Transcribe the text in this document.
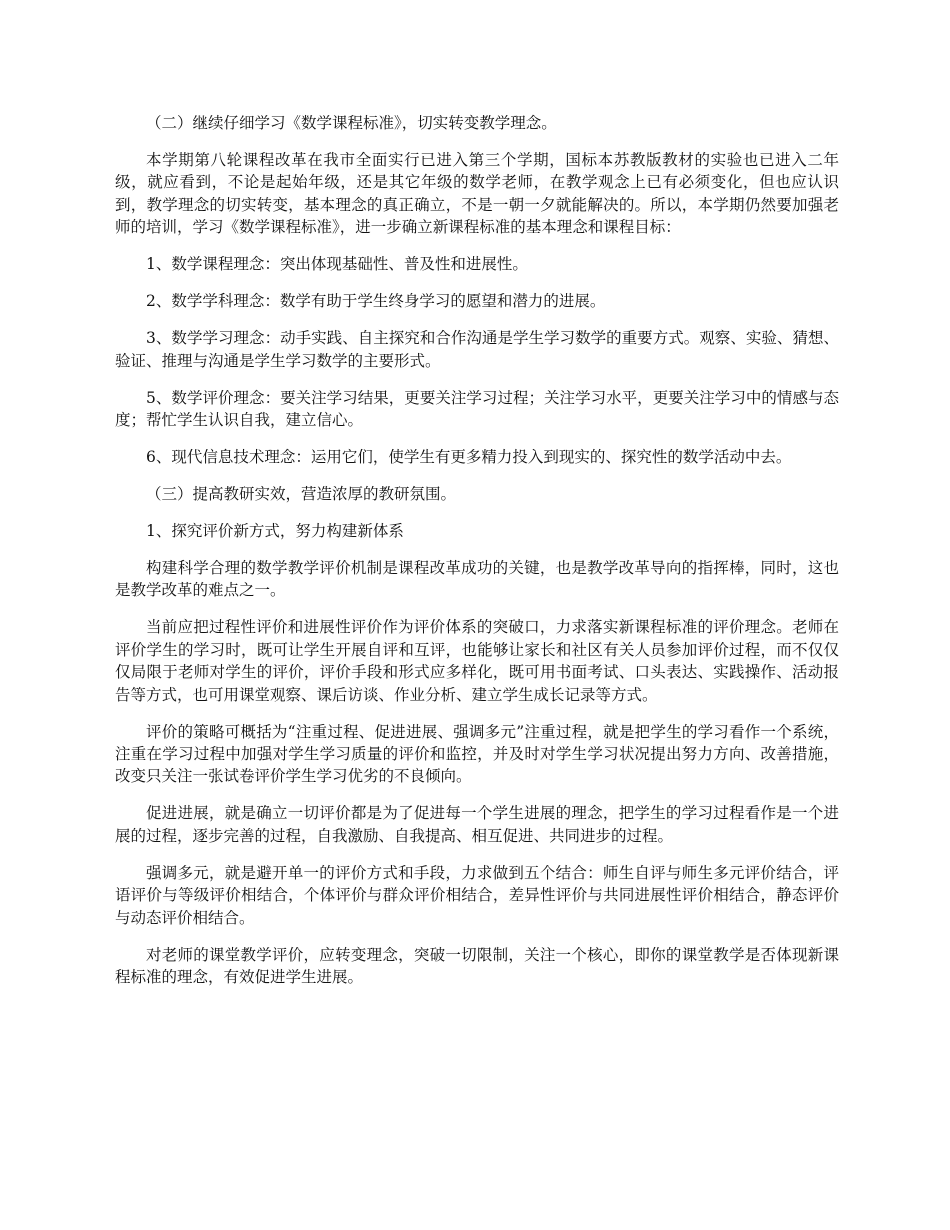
（二）继续仔细学习《数学课程标准》，切实转变教学理念。

本学期第八轮课程改革在我市全面实行已进入第三个学期，国标本苏教版教材的实验也已进入二年级，就应看到，不论是起始年级，还是其它年级的数学老师，在教学观念上已有必须变化，但也应认识到，教学理念的切实转变，基本理念的真正确立，不是一朝一夕就能解决的。所以，本学期仍然要加强老师的培训，学习《数学课程标准》，进一步确立新课程标准的基本理念和课程目标：

1、数学课程理念：突出体现基础性、普及性和进展性。

2、数学学科理念：数学有助于学生终身学习的愿望和潜力的进展。

3、数学学习理念：动手实践、自主探究和合作沟通是学生学习数学的重要方式。观察、实验、猜想、验证、推理与沟通是学生学习数学的主要形式。

5、数学评价理念：要关注学习结果，更要关注学习过程；关注学习水平，更要关注学习中的情感与态度；帮忙学生认识自我，建立信心。

6、现代信息技术理念：运用它们，使学生有更多精力投入到现实的、探究性的数学活动中去。

（三）提高教研实效，营造浓厚的教研氛围。

1、探究评价新方式，努力构建新体系

构建科学合理的数学教学评价机制是课程改革成功的关键，也是教学改革导向的指挥棒，同时，这也是教学改革的难点之一。

当前应把过程性评价和进展性评价作为评价体系的突破口，力求落实新课程标准的评价理念。老师在评价学生的学习时，既可让学生开展自评和互评，也能够让家长和社区有关人员参加评价过程，而不仅仅仅局限于老师对学生的评价，评价手段和形式应多样化，既可用书面考试、口头表达、实践操作、活动报告等方式，也可用课堂观察、课后访谈、作业分析、建立学生成长记录等方式。

评价的策略可概括为“注重过程、促进进展、强调多元”注重过程，就是把学生的学习看作一个系统，注重在学习过程中加强对学生学习质量的评价和监控，并及时对学生学习状况提出努力方向、改善措施，改变只关注一张试卷评价学生学习优劣的不良倾向。

促进进展，就是确立一切评价都是为了促进每一个学生进展的理念，把学生的学习过程看作是一个进展的过程，逐步完善的过程，自我激励、自我提高、相互促进、共同进步的过程。

强调多元，就是避开单一的评价方式和手段，力求做到五个结合：师生自评与师生多元评价结合，评语评价与等级评价相结合，个体评价与群众评价相结合，差异性评价与共同进展性评价相结合，静态评价与动态评价相结合。

对老师的课堂教学评价，应转变理念，突破一切限制，关注一个核心，即你的课堂教学是否体现新课程标准的理念，有效促进学生进展。
